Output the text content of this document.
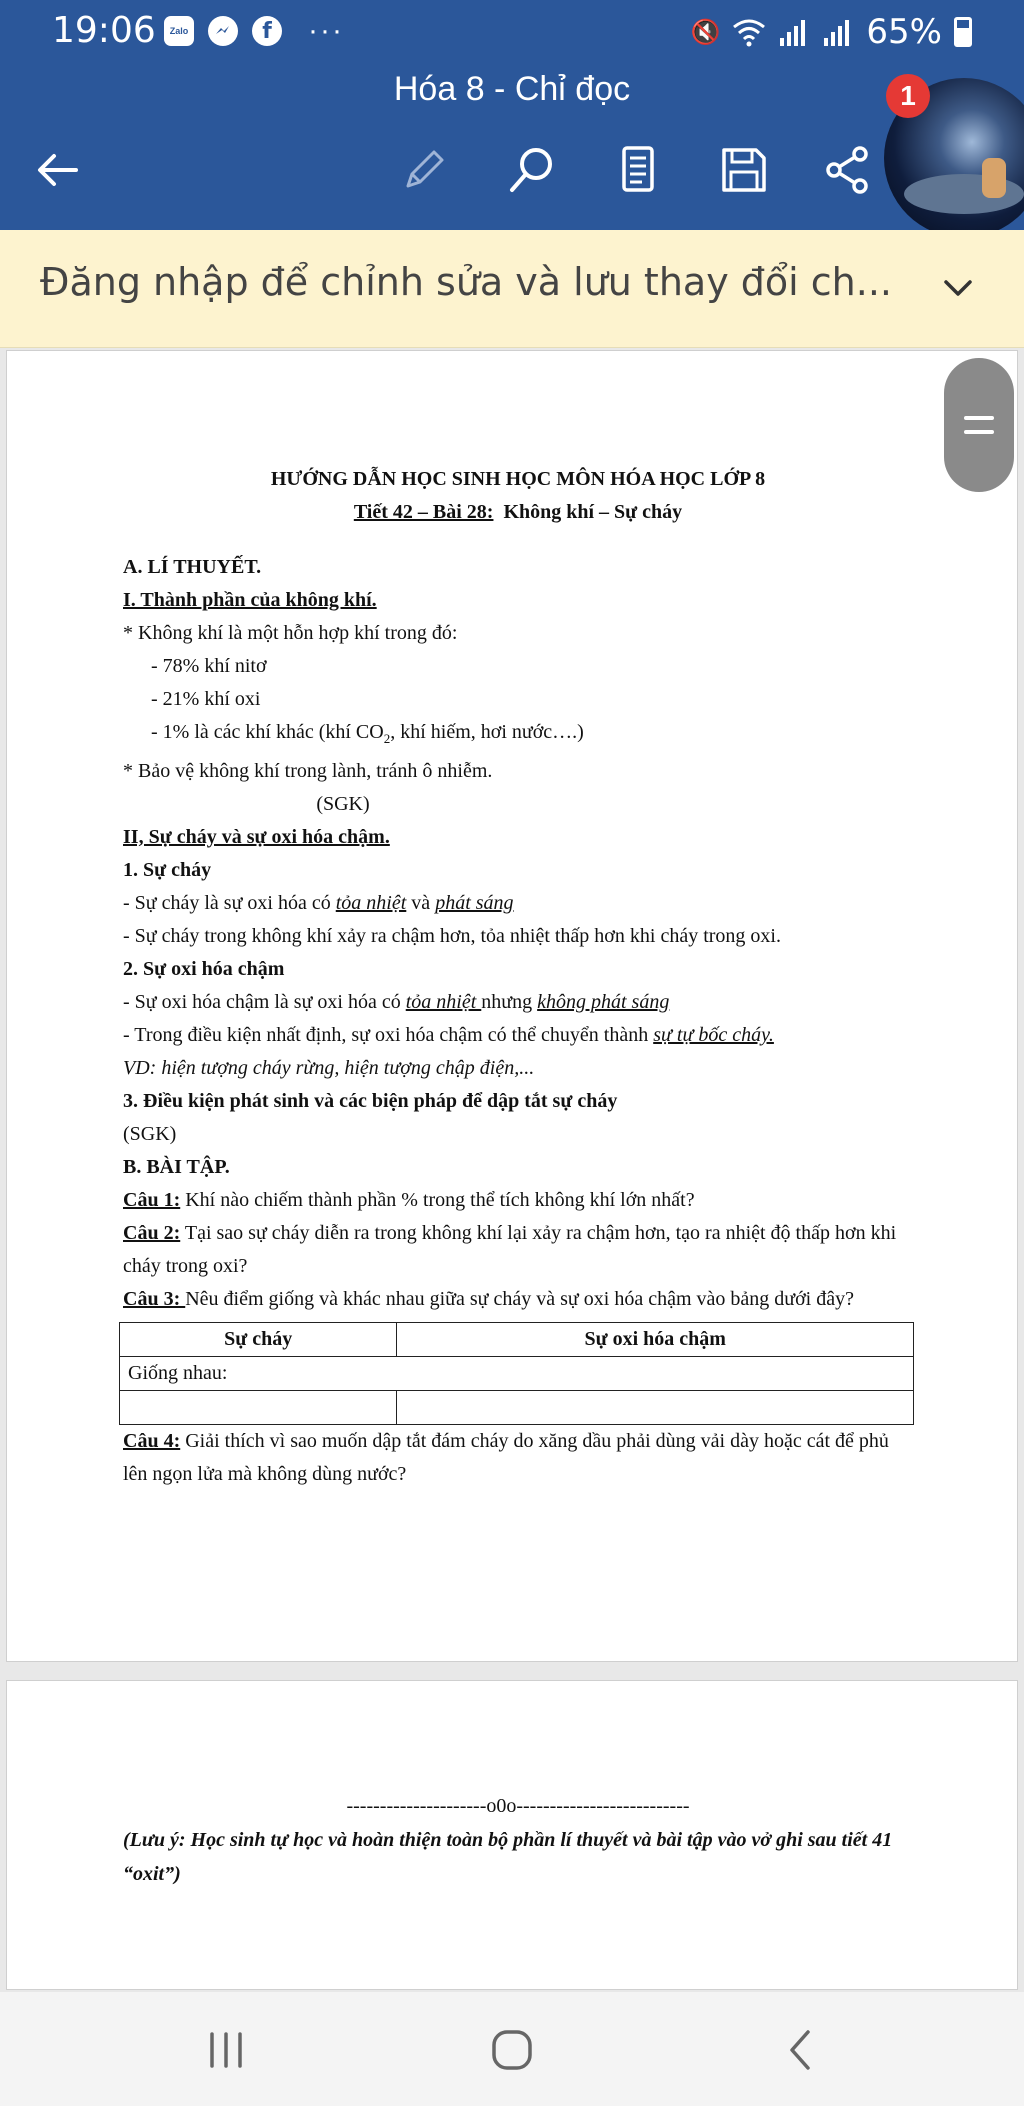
19:06	Zalo	f	···	🔇	65%
Hóa 8 - Chỉ đọc	1
Đăng nhập để chỉnh sửa và lưu thay đổi ch...
HƯỚNG DẪN HỌC SINH HỌC MÔN HÓA HỌC LỚP 8
Tiết 42 – Bài 28: Không khí – Sự cháy
A. LÍ THUYẾT.
I. Thành phần của không khí.
* Không khí là một hỗn hợp khí trong đó:
- 78% khí nitơ
- 21% khí oxi
- 1% là các khí khác (khí $CO_2$, khí hiếm, hơi nước….)
* Bảo vệ không khí trong lành, tránh ô nhiễm.
(SGK)
II, Sự cháy và sự oxi hóa chậm.
1. Sự cháy
- Sự cháy là sự oxi hóa có tỏa nhiệt và phát sáng
- Sự cháy trong không khí xảy ra chậm hơn, tỏa nhiệt thấp hơn khi cháy trong oxi.
2. Sự oxi hóa chậm
- Sự oxi hóa chậm là sự oxi hóa có tỏa nhiệt nhưng không phát sáng
- Trong điều kiện nhất định, sự oxi hóa chậm có thể chuyển thành sự tự bốc cháy.
VD: hiện tượng cháy rừng, hiện tượng chập điện,...
3. Điều kiện phát sinh và các biện pháp để dập tắt sự cháy
(SGK)
B. BÀI TẬP.
Câu 1: Khí nào chiếm thành phần % trong thể tích không khí lớn nhất?
Câu 2: Tại sao sự cháy diễn ra trong không khí lại xảy ra chậm hơn, tạo ra nhiệt độ thấp hơn khi cháy trong oxi?
Câu 3: Nêu điểm giống và khác nhau giữa sự cháy và sự oxi hóa chậm vào bảng dưới đây?
Sự cháy	Sự oxi hóa chậm
Giống nhau:	

Câu 4: Giải thích vì sao muốn dập tắt đám cháy do xăng dầu phải dùng vải dày hoặc cát để phủ lên ngọn lửa mà không dùng nước?
---------------------o0o--------------------------
(Lưu ý: Học sinh tự học và hoàn thiện toàn bộ phần lí thuyết và bài tập vào vở ghi sau tiết 41 “oxit”)
